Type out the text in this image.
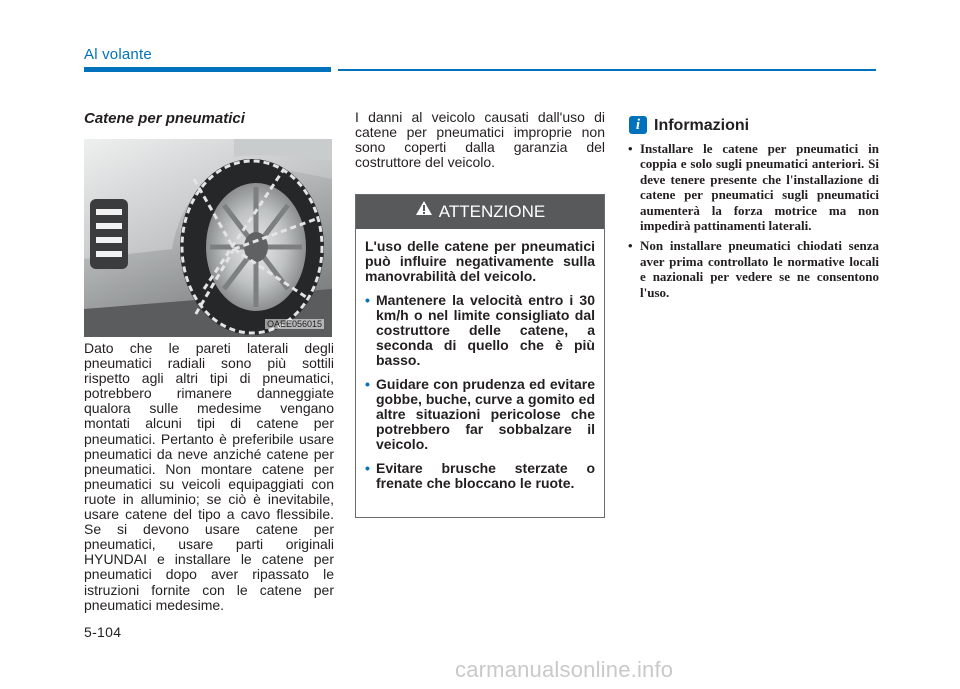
Al volante
Catene per pneumatici
OAEE056015
Dato che le pareti laterali degli pneumatici radiali sono più sottili rispetto agli altri tipi di pneumatici, potrebbero rimanere danneggiate qualora sulle medesime vengano montati alcuni tipi di catene per pneumatici. Pertanto è preferibile usare pneumatici da neve anziché catene per pneumatici. Non montare catene per pneumatici su veicoli equipaggiati con ruote in alluminio; se ciò è inevitabile, usare catene del tipo a cavo flessibile. Se si devono usare catene per pneumatici, usare parti originali HYUNDAI e installare le catene per pneumatici dopo aver ripassato le istruzioni fornite con le catene per pneumatici medesime.
I danni al veicolo causati dall'uso di catene per pneumatici improprie non sono coperti dalla garanzia del costruttore del veicolo.
ATTENZIONE

L'uso delle catene per pneumatici può influire negativamente sulla manovrabilità del veicolo.

• Mantenere la velocità entro i 30 km/h o nel limite consigliato dal costruttore delle catene, a seconda di quello che è più basso.
• Guidare con prudenza ed evitare gobbe, buche, curve a gomito ed altre situazioni pericolose che potrebbero far sobbalzare il veicolo.
• Evitare brusche sterzate o frenate che bloccano le ruote.
i Informazioni
• Installare le catene per pneumatici in coppia e solo sugli pneumatici anteriori. Si deve tenere presente che l'installazione di catene per pneumatici sugli pneumatici aumenterà la forza motrice ma non impedirà pattinamenti laterali.
• Non installare pneumatici chiodati senza aver prima controllato le normative locali e nazionali per vedere se ne consentono l'uso.
5-104
carmanualsonline.info
